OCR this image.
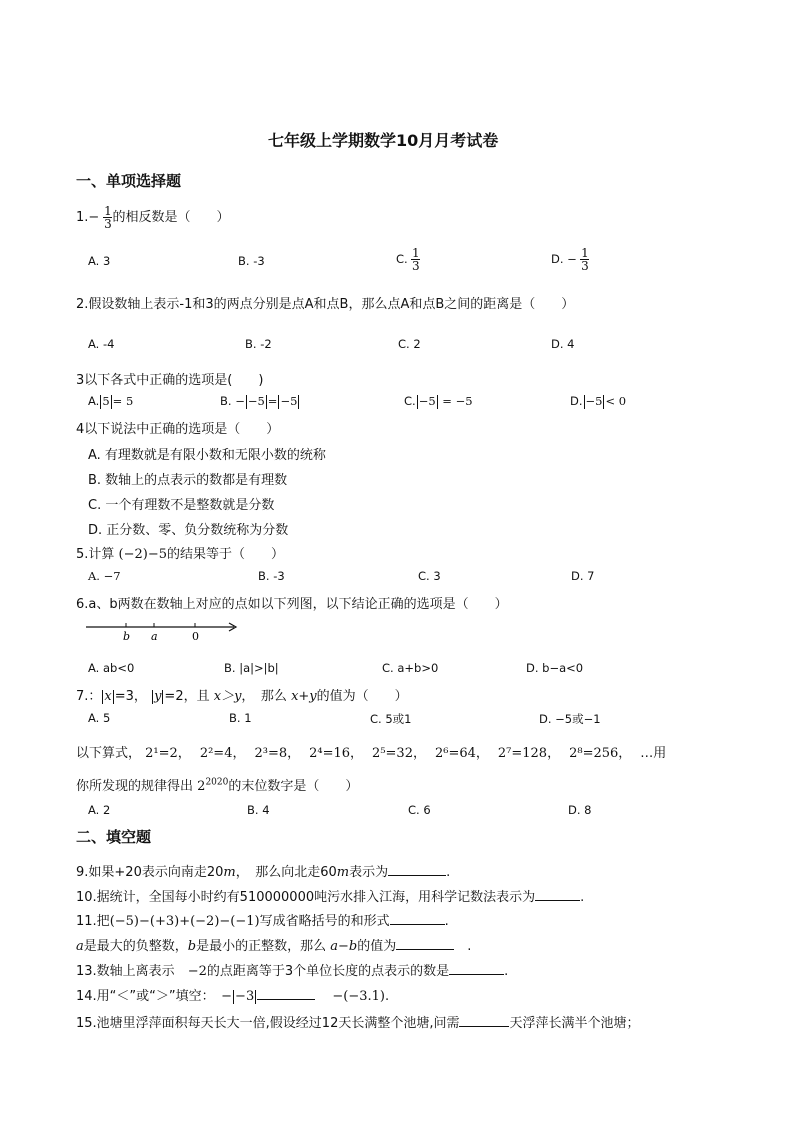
七年级上学期数学10月月考试卷
一、单项选择题
$1.- \frac{1}{3}$ 的相反数是（　　）
A. 3	B. -3	C. $\frac{1}{3}$	D. − $\frac{1}{3}$
2.假设数轴上表示-1和3的两点分别是点A和点B，那么点A和点B之间的距离是（　　）
A. -4	B. -2	C. 2	D. 4
3以下各式中正确的选项是(　　)
A. 5 = 5	B. − −5 = −5	C. −5 = −5	D. −5 < 0
4以下说法中正确的选项是（　　）
A. 有理数就是有限小数和无限小数的统称
B. 数轴上的点表示的数都是有理数
C. 一个有理数不是整数就是分数
D. 正分数、零、负分数统称为分数
5.计算 (−2)−5的结果等于（　　）
A. −7	B. -3	C. 3	D. 7
6.a、b两数在数轴上对应的点如以下列图，以下结论正确的选项是（　　）
b a	0
A. ab<0	B. |a|>|b|	C. a+b>0	D. b−a<0
7.： x =3， y =2，且 x＞y，　那么 x+y的值为（　　）
A. 5	B. 1	C. 5或1	D. −5或−1
以下算式， 2¹=2， 2²=4， 2³=8， 2⁴=16， 2⁵=32， 2⁶=64， 2⁷=128， 2⁸=256， …用
你所发现的规律得出 $2^{2020}$的末位数字是（　　）
A. 2	B. 4	C. 6	D. 8
二、填空题
9.如果+20表示向南走20m，　那么向北走60m表示为	.
10.据统计，全国每小时约有510000000吨污水排入江海，用科学记数法表示为	.
11.把(−5)−(+3)+(−2)−(−1)写成省略括号的和形式	.
a是最大的负整数，b是最小的正整数，那么 a−b的值为　	.
13.数轴上离表示　 −2的点距离等于3个单位长度的点表示的数是	.
14.用“＜”或“＞”填空：　 − −3　	−(−3.1).
15.池塘里浮萍面积每天长大一倍,假设经过12天长满整个池塘,问需	天浮萍长满半个池塘；
